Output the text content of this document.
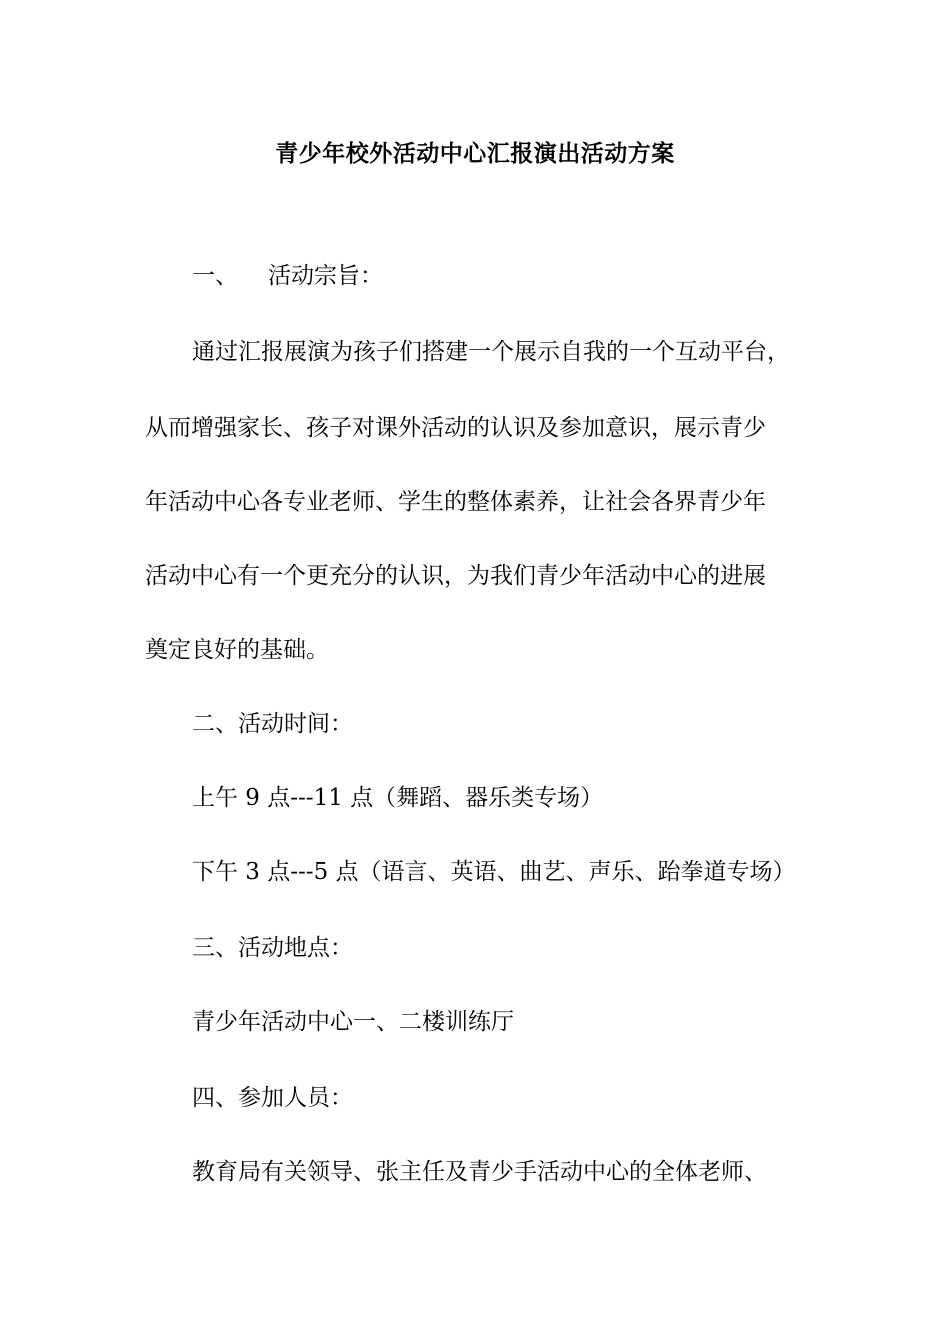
青少年校外活动中心汇报演出活动方案
一、 活动宗旨：
通过汇报展演为孩子们搭建一个展示自我的一个互动平台，
从而增强家长、孩子对课外活动的认识及参加意识，展示青少
年活动中心各专业老师、学生的整体素养，让社会各界青少年
活动中心有一个更充分的认识，为我们青少年活动中心的进展
奠定良好的基础。
二、活动时间：
上午 9 点---11 点（舞蹈、器乐类专场）
下午 3 点---5 点（语言、英语、曲艺、声乐、跆拳道专场）
三、活动地点：
青少年活动中心一、二楼训练厅
四、参加人员：
教育局有关领导、张主任及青少手活动中心的全体老师、
